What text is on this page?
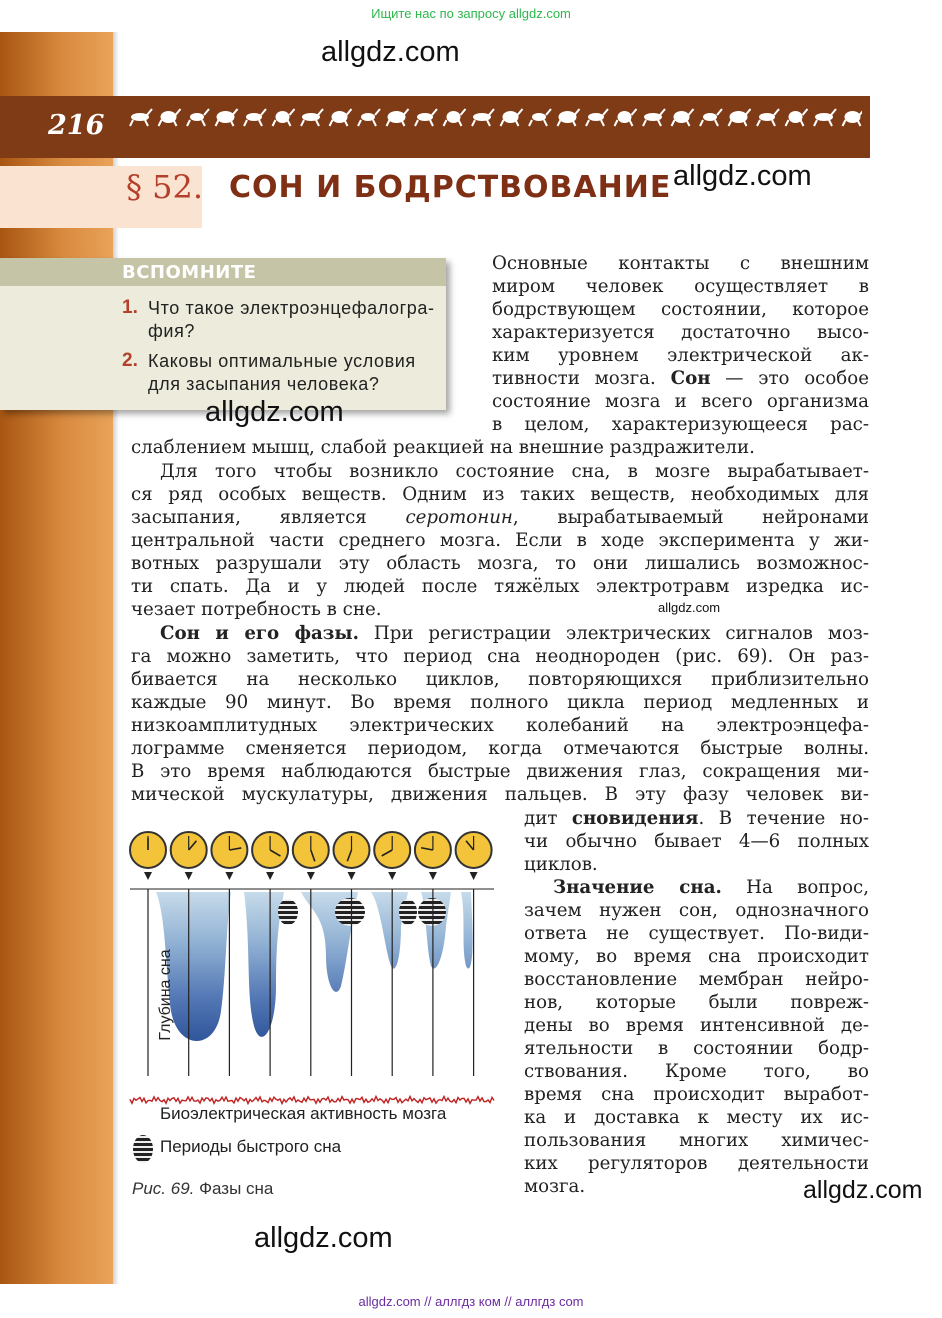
Ищите нас по запросу allgdz.com
allgdz.com
216
§ 52. СОН И БОДРСТВОВАНИЕ allgdz.com
ВСПОМНИТЕ
1. Что такое электроэнцефалогра-
фия?
2. Каковы оптимальные условия
для засыпания человека?
allgdz.com
Основные контакты с внешним
миром человек осуществляет в
бодрствующем состоянии, которое
характеризуется достаточно высо-
ким уровнем электрической ак-
тивности мозга. Сон — это особое
состояние мозга и всего организма
в целом, характеризующееся рас-
слаблением мышц, слабой реакцией на внешние раздражители.
Для того чтобы возникло состояние сна, в мозге вырабатывает-
ся ряд особых веществ. Одним из таких веществ, необходимых для
засыпания, является серотонин, вырабатываемый нейронами
центральной части среднего мозга. Если в ходе эксперимента у жи-
вотных разрушали эту область мозга, то они лишались возможнос-
ти спать. Да и у людей после тяжёлых электротравм изредка ис-
чезает потребность в сне.	allgdz.com
Сон и его фазы. При регистрации электрических сигналов моз-
га можно заметить, что период сна неоднороден (рис. 69). Он раз-
бивается на несколько циклов, повторяющихся приблизительно
каждые 90 минут. Во время полного цикла период медленных и
низкоамплитудных электрических колебаний на электроэнцефа-
лограмме сменяется периодом, когда отмечаются быстрые волны.
В это время наблюдаются быстрые движения глаз, сокращения ми-
мической мускулатуры, движения пальцев. В эту фазу человек ви-
дит сновидения. В течение но-
чи обычно бывает 4—6 полных
циклов.
Значение сна. На вопрос,
зачем нужен сон, однозначного
ответа не существует. По-види-
мому, во время сна происходит
восстановление мембран нейро-
нов, которые были повреж-
дены во время интенсивной де-
ятельности в состоянии бодр-
ствования. Кроме того, во
время сна происходит выработ-
ка и доставка к месту их ис-
пользования многих химичес-
ких регуляторов деятельности
мозга.	allgdz.com
Глубина сна
Биоэлектрическая активность мозга
Периоды быстрого сна
Рис. 69. Фазы сна
allgdz.com
allgdz.com // аллгдз ком // аллгдз com
